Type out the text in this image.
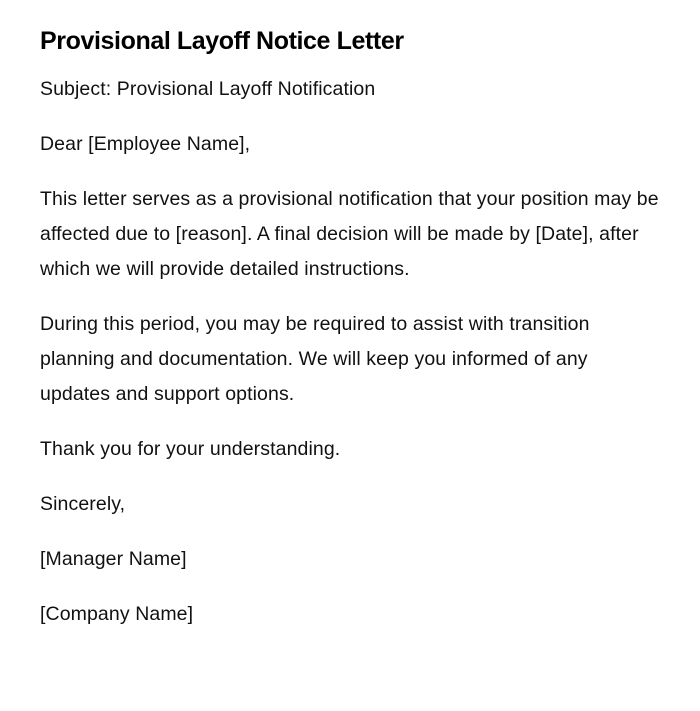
Provisional Layoff Notice Letter

Subject: Provisional Layoff Notification

Dear [Employee Name],

This letter serves as a provisional notification that your position may be affected due to [reason]. A final decision will be made by [Date], after which we will provide detailed instructions.

During this period, you may be required to assist with transition planning and documentation. We will keep you informed of any updates and support options.

Thank you for your understanding.

Sincerely,

[Manager Name]

[Company Name]
